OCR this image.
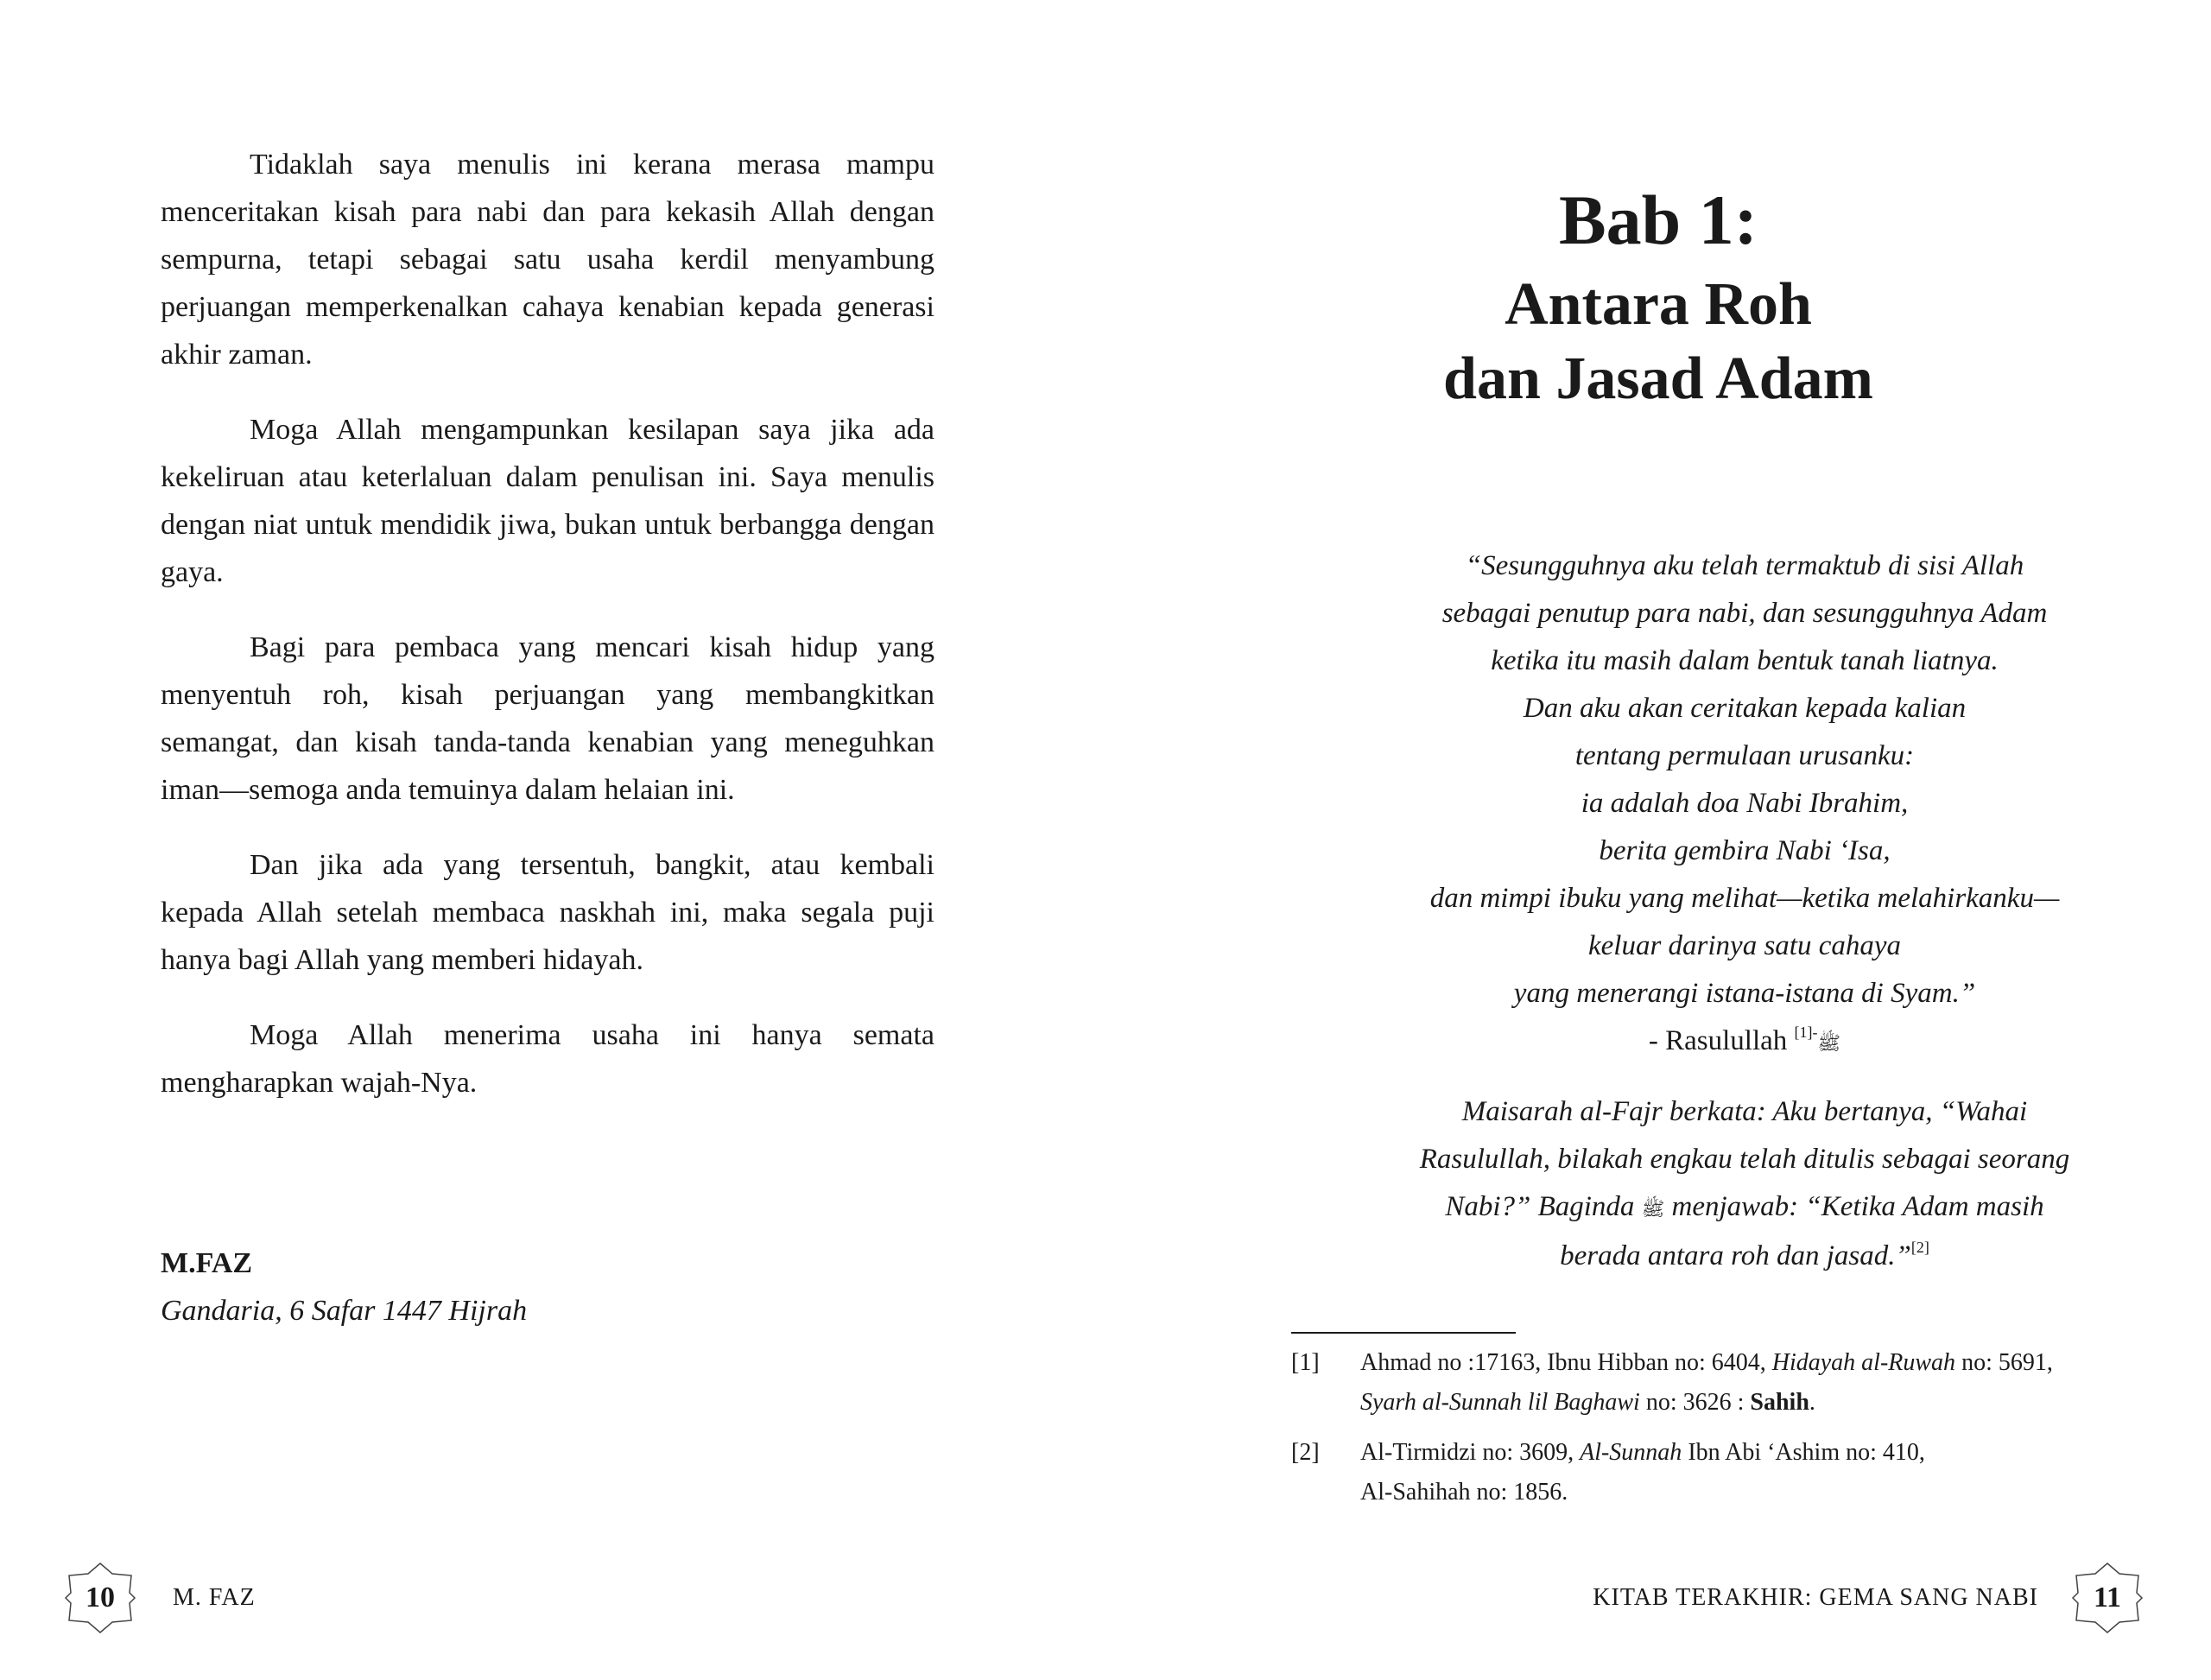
Tidaklah saya menulis ini kerana merasa mampu menceritakan kisah para nabi dan para kekasih Allah dengan sempurna, tetapi sebagai satu usaha kerdil menyambung perjuangan memperkenalkan cahaya kenabian kepada generasi akhir zaman.

Moga Allah mengampunkan kesilapan saya jika ada kekeliruan atau keterlaluan dalam penulisan ini. Saya menulis dengan niat untuk mendidik jiwa, bukan untuk berbangga dengan gaya.

Bagi para pembaca yang mencari kisah hidup yang menyentuh roh, kisah perjuangan yang membangkitkan semangat, dan kisah tanda-tanda kenabian yang meneguhkan iman—semoga anda temuinya dalam helaian ini.

Dan jika ada yang tersentuh, bangkit, atau kembali kepada Allah setelah membaca naskhah ini, maka segala puji hanya bagi Allah yang memberi hidayah.

Moga Allah menerima usaha ini hanya semata mengharapkan wajah-Nya.

M.FAZ
Gandaria, 6 Safar 1447 Hijrah
10	M. FAZ
Bab 1:
Antara Roh
dan Jasad Adam
“Sesungguhnya aku telah termaktub di sisi Allah
sebagai penutup para nabi, dan sesungguhnya Adam
ketika itu masih dalam bentuk tanah liatnya.
Dan aku akan ceritakan kepada kalian
tentang permulaan urusanku:
ia adalah doa Nabi Ibrahim,
berita gembira Nabi ‘Isa,
dan mimpi ibuku yang melihat—ketika melahirkanku—
keluar darinya satu cahaya
yang menerangi istana-istana di Syam.”
- Rasulullah ﷺ$^{-[1]}$
Maisarah al-Fajr berkata: Aku bertanya, “Wahai
Rasulullah, bilakah engkau telah ditulis sebagai seorang
Nabi?” Baginda ﷺ menjawab: “Ketika Adam masih
berada antara roh dan jasad.”[2]
[1]	Ahmad no :17163, Ibnu Hibban no: 6404, Hidayah al-Ruwah no: 5691, Syarh al-Sunnah lil Baghawi no: 3626 : Sahih.
[2]	Al-Tirmidzi no: 3609, Al-Sunnah Ibn Abi ‘Ashim no: 410,
Al-Sahihah no: 1856.
KITAB TERAKHIR: GEMA SANG NABI	11
